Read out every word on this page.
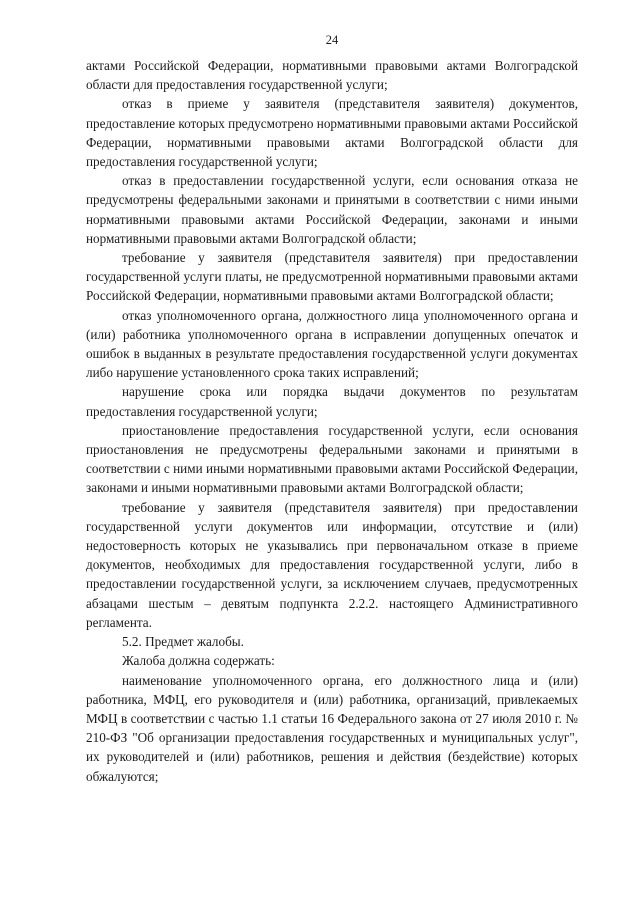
24

актами Российской Федерации, нормативными правовыми актами Волгоградской области для предоставления государственной услуги;

отказ в приеме у заявителя (представителя заявителя) документов, предоставление которых предусмотрено нормативными правовыми актами Российской Федерации, нормативными правовыми актами Волгоградской области для предоставления государственной услуги;

отказ в предоставлении государственной услуги, если основания отказа не предусмотрены федеральными законами и принятыми в соответствии с ними иными нормативными правовыми актами Российской Федерации, законами и иными нормативными правовыми актами Волгоградской области;

требование у заявителя (представителя заявителя) при предоставлении государственной услуги платы, не предусмотренной нормативными правовыми актами Российской Федерации, нормативными правовыми актами Волгоградской области;

отказ уполномоченного органа, должностного лица уполномоченного органа и (или) работника уполномоченного органа в исправлении допущенных опечаток и ошибок в выданных в результате предоставления государственной услуги документах либо нарушение установленного срока таких исправлений;

нарушение срока или порядка выдачи документов по результатам предоставления государственной услуги;

приостановление предоставления государственной услуги, если основания приостановления не предусмотрены федеральными законами и принятыми в соответствии с ними иными нормативными правовыми актами Российской Федерации, законами и иными нормативными правовыми актами Волгоградской области;

требование у заявителя (представителя заявителя) при предоставлении государственной услуги документов или информации, отсутствие и (или) недостоверность которых не указывались при первоначальном отказе в приеме документов, необходимых для предоставления государственной услуги, либо в предоставлении государственной услуги, за исключением случаев, предусмотренных абзацами шестым – девятым подпункта 2.2.2. настоящего Административного регламента.

5.2. Предмет жалобы.

Жалоба должна содержать:

наименование уполномоченного органа, его должностного лица и (или) работника, МФЦ, его руководителя и (или) работника, организаций, привлекаемых МФЦ в соответствии с частью 1.1 статьи 16 Федерального закона от 27 июля 2010 г. № 210-ФЗ "Об организации предоставления государственных и муниципальных услуг", их руководителей и (или) работников, решения и действия (бездействие) которых обжалуются;
